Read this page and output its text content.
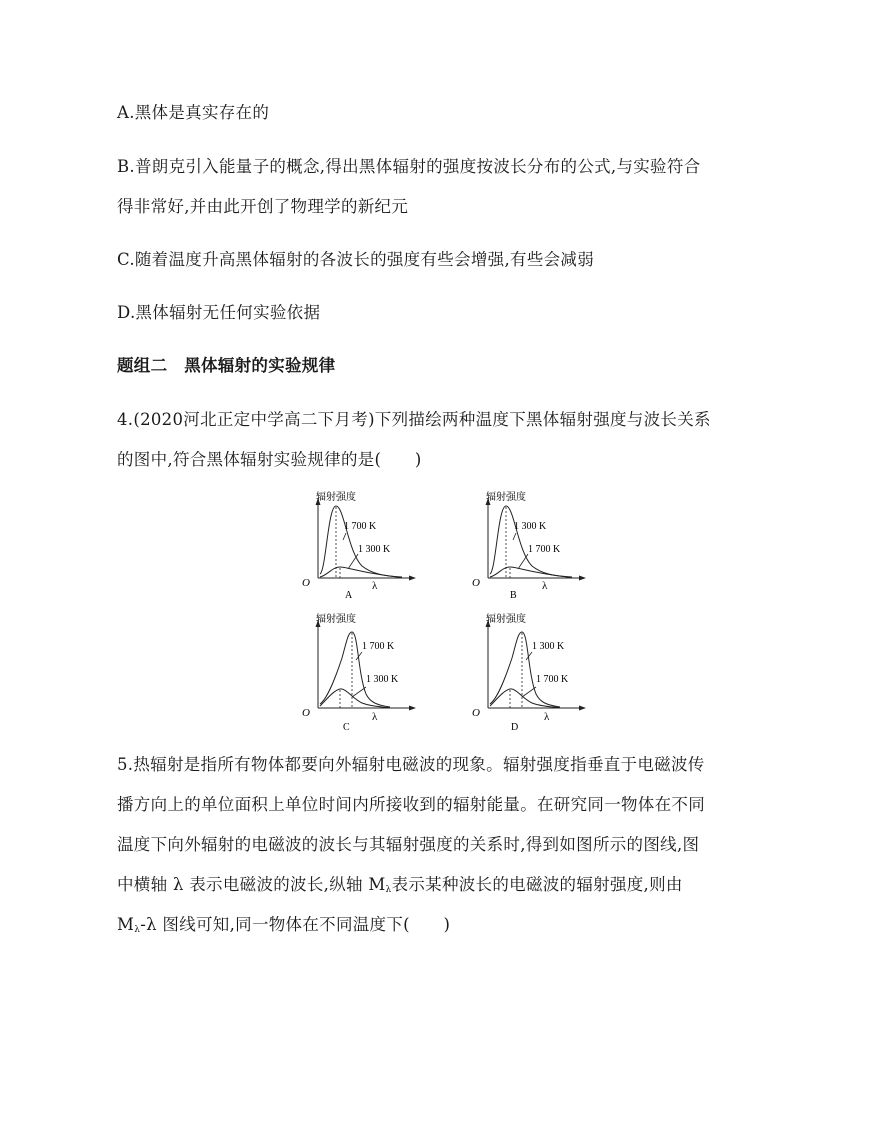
A.黑体是真实存在的
B.普朗克引入能量子的概念,得出黑体辐射的强度按波长分布的公式,与实验符合
得非常好,并由此开创了物理学的新纪元
C.随着温度升高黑体辐射的各波长的强度有些会增强,有些会减弱
D.黑体辐射无任何实验依据
题组二　黑体辐射的实验规律
4.(2020河北正定中学高二下月考)下列描绘两种温度下黑体辐射强度与波长关系
的图中,符合黑体辐射实验规律的是(　　)
辐射强度
O	λ
1 700 K
1 300 K
A
辐射强度
O	λ
1 300 K
1 700 K
B
辐射强度
O	λ
1 700 K
1 300 K
C
辐射强度
O	λ
1 300 K
1 700 K
D
5.热辐射是指所有物体都要向外辐射电磁波的现象。辐射强度指垂直于电磁波传
播方向上的单位面积上单位时间内所接收到的辐射能量。在研究同一物体在不同
温度下向外辐射的电磁波的波长与其辐射强度的关系时,得到如图所示的图线,图
中横轴 λ 表示电磁波的波长,纵轴 $M_\lambda$表示某种波长的电磁波的辐射强度,则由
$M_\lambda-\lambda$ 图线可知,同一物体在不同温度下(　　)
